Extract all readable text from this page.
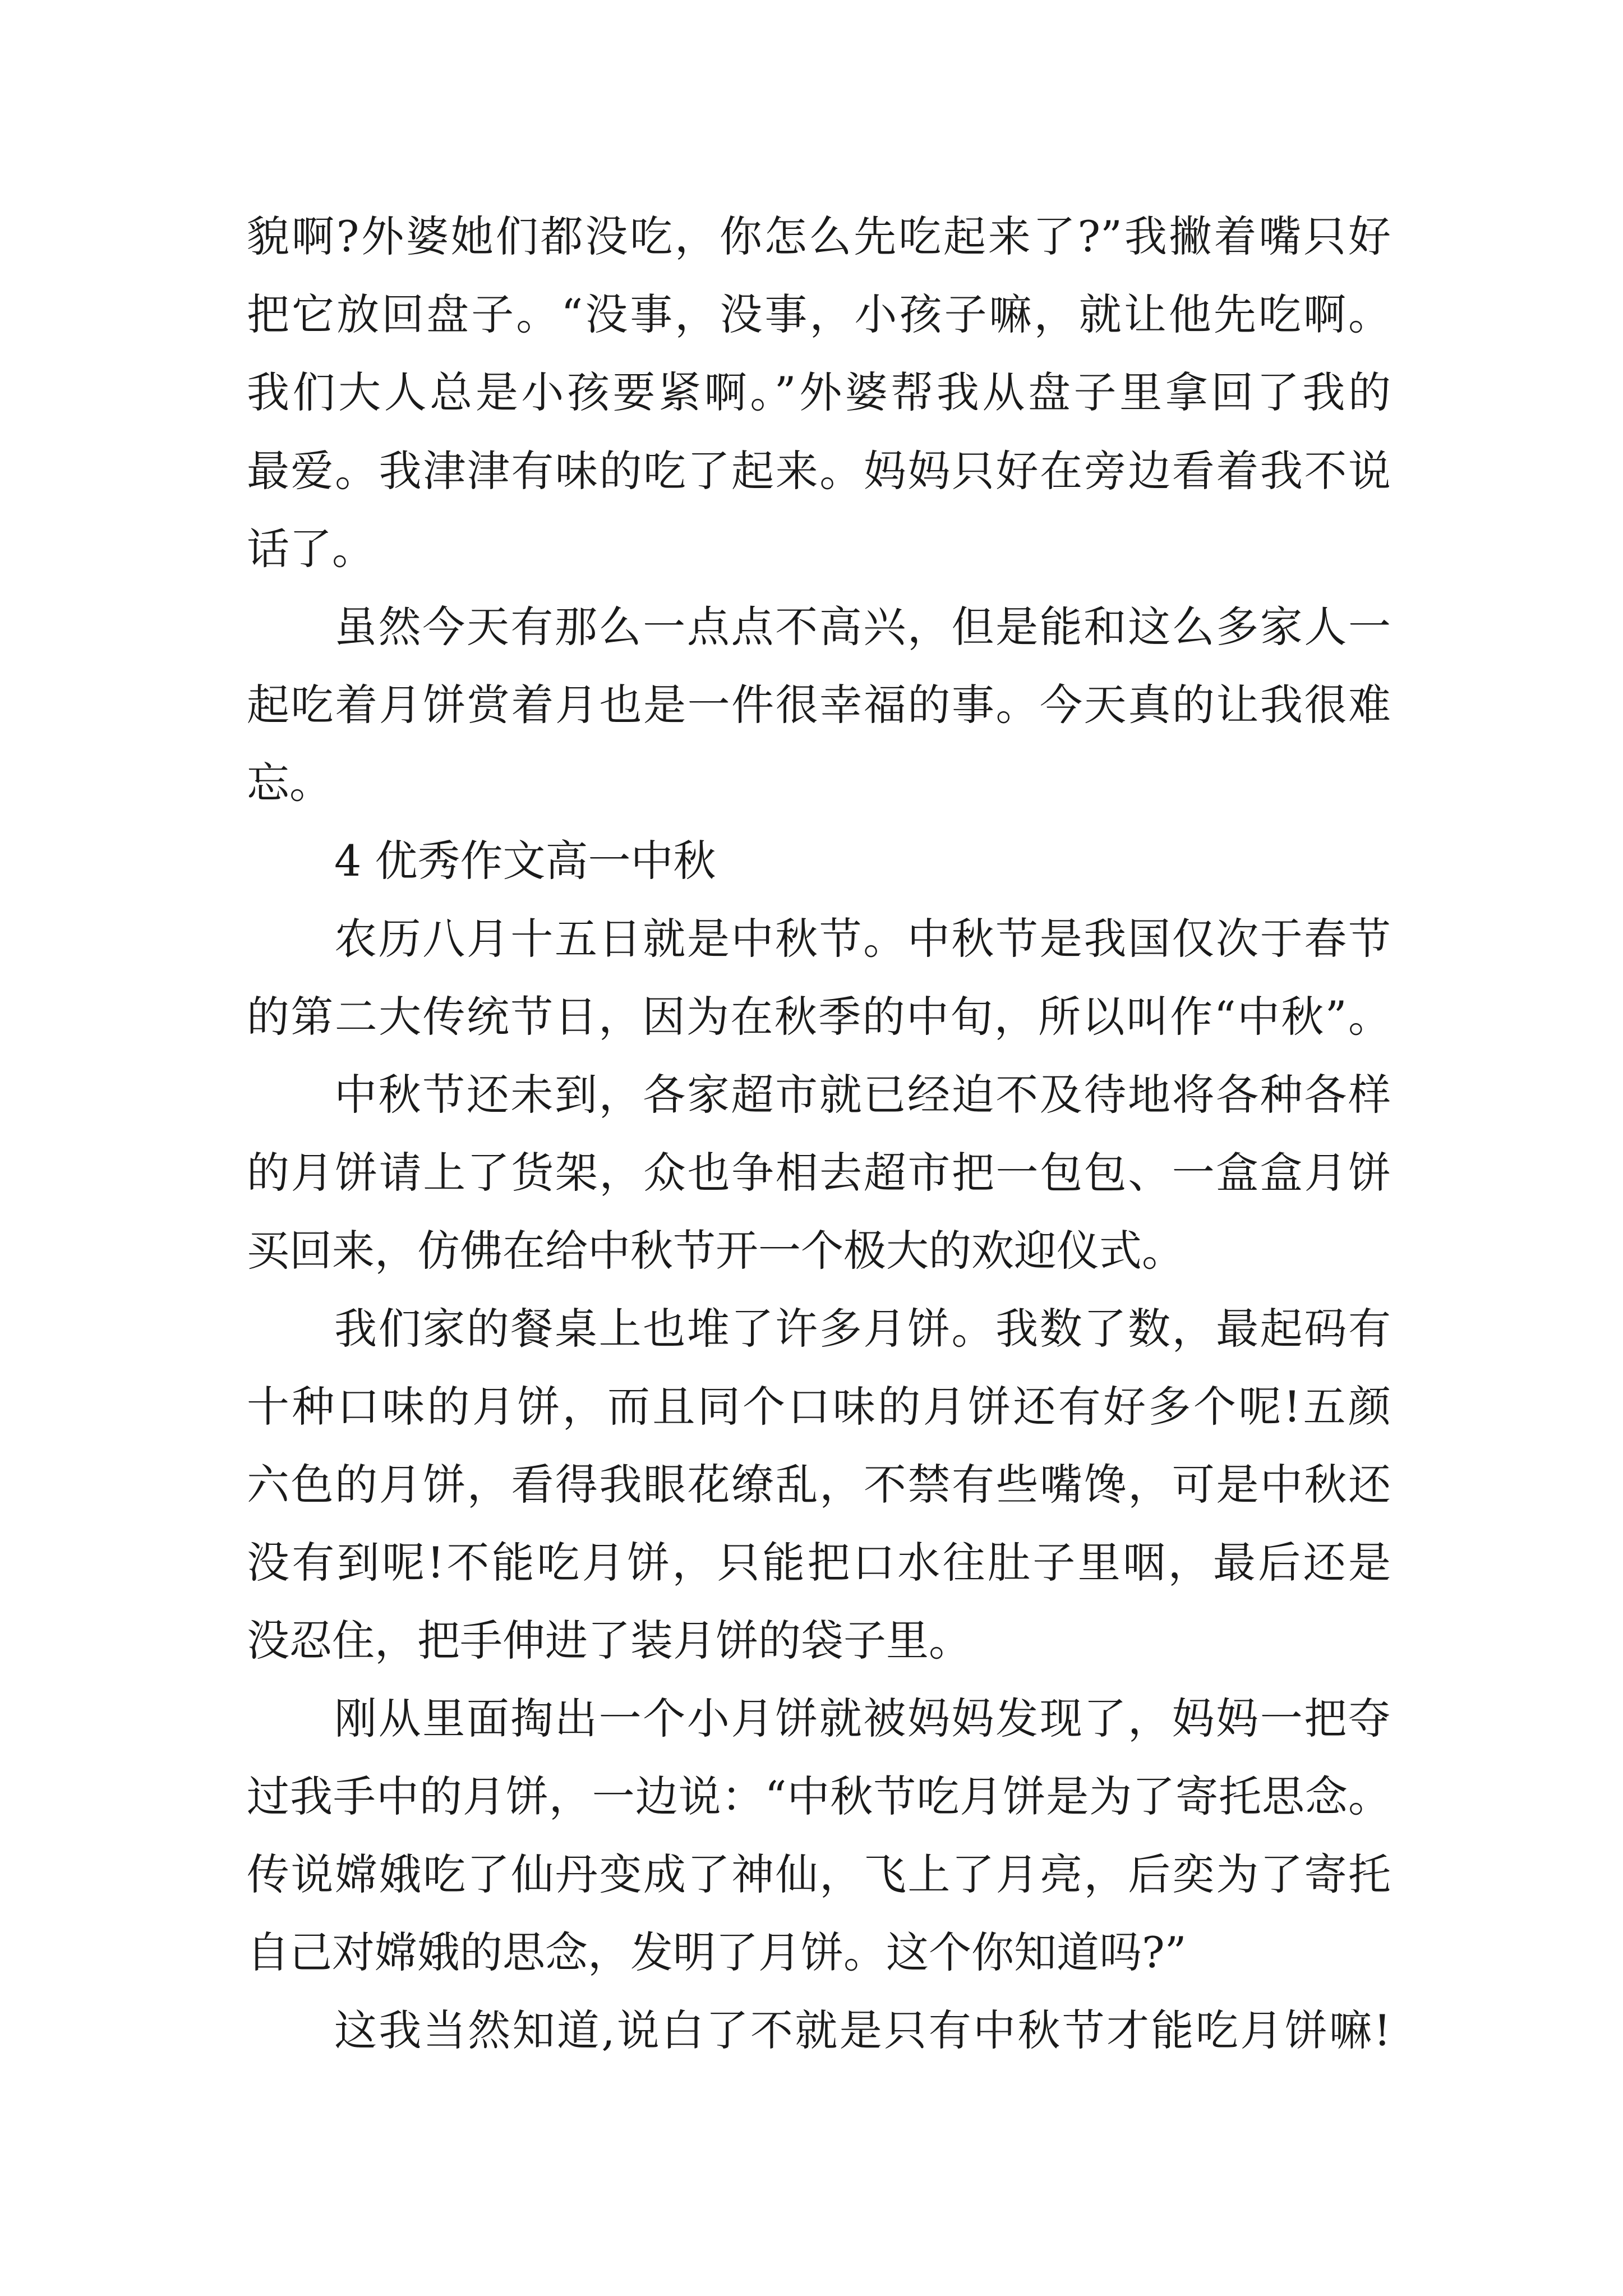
貌啊?外婆她们都没吃，你怎么先吃起来了?”我撇着嘴只好
把它放回盘子。“没事，没事，小孩子嘛，就让他先吃啊。
我们大人总是小孩要紧啊。”外婆帮我从盘子里拿回了我的
最爱。我津津有味的吃了起来。妈妈只好在旁边看着我不说
话了。
虽然今天有那么一点点不高兴，但是能和这么多家人一
起吃着月饼赏着月也是一件很幸福的事。今天真的让我很难
忘。
4 优秀作文高一中秋
农历八月十五日就是中秋节。中秋节是我国仅次于春节
的第二大传统节日，因为在秋季的中旬，所以叫作“中秋”。
中秋节还未到，各家超市就已经迫不及待地将各种各样
的月饼请上了货架，众也争相去超市把一包包、一盒盒月饼
买回来，仿佛在给中秋节开一个极大的欢迎仪式。
我们家的餐桌上也堆了许多月饼。我数了数，最起码有
十种口味的月饼，而且同个口味的月饼还有好多个呢!五颜
六色的月饼，看得我眼花缭乱，不禁有些嘴馋，可是中秋还
没有到呢!不能吃月饼，只能把口水往肚子里咽，最后还是
没忍住，把手伸进了装月饼的袋子里。
刚从里面掏出一个小月饼就被妈妈发现了，妈妈一把夺
过我手中的月饼，一边说：“中秋节吃月饼是为了寄托思念。
传说嫦娥吃了仙丹变成了神仙，飞上了月亮，后奕为了寄托
自己对嫦娥的思念，发明了月饼。这个你知道吗?”
这我当然知道,说白了不就是只有中秋节才能吃月饼嘛!
